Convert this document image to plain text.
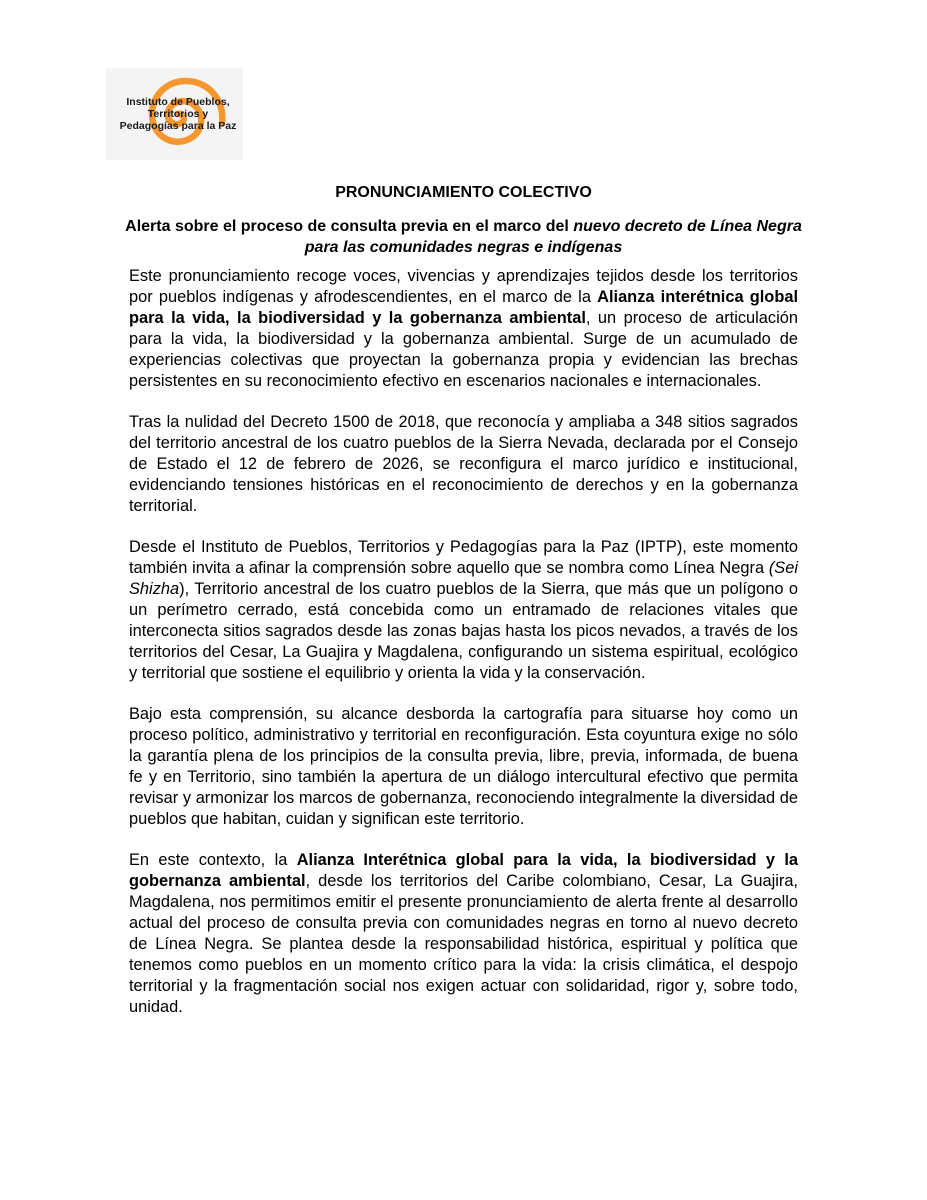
Instituto de Pueblos,
Territorios y
Pedagogías para la Paz
PRONUNCIAMIENTO COLECTIVO
Alerta sobre el proceso de consulta previa en el marco del nuevo decreto de Línea Negra para las comunidades negras e indígenas

Este pronunciamiento recoge voces, vivencias y aprendizajes tejidos desde los territorios por pueblos indígenas y afrodescendientes, en el marco de la Alianza interétnica global para la vida, la biodiversidad y la gobernanza ambiental, un proceso de articulación para la vida, la biodiversidad y la gobernanza ambiental. Surge de un acumulado de experiencias colectivas que proyectan la gobernanza propia y evidencian las brechas persistentes en su reconocimiento efectivo en escenarios nacionales e internacionales.

Tras la nulidad del Decreto 1500 de 2018, que reconocía y ampliaba a 348 sitios sagrados del territorio ancestral de los cuatro pueblos de la Sierra Nevada, declarada por el Consejo de Estado el 12 de febrero de 2026, se reconfigura el marco jurídico e institucional, evidenciando tensiones históricas en el reconocimiento de derechos y en la gobernanza territorial.

Desde el Instituto de Pueblos, Territorios y Pedagogías para la Paz (IPTP), este momento también invita a afinar la comprensión sobre aquello que se nombra como Línea Negra (Sei Shizha), Territorio ancestral de los cuatro pueblos de la Sierra, que más que un polígono o un perímetro cerrado, está concebida como un entramado de relaciones vitales que interconecta sitios sagrados desde las zonas bajas hasta los picos nevados, a través de los territorios del Cesar, La Guajira y Magdalena, configurando un sistema espiritual, ecológico y territorial que sostiene el equilibrio y orienta la vida y la conservación.

Bajo esta comprensión, su alcance desborda la cartografía para situarse hoy como un proceso político, administrativo y territorial en reconfiguración. Esta coyuntura exige no sólo la garantía plena de los principios de la consulta previa, libre, previa, informada, de buena fe y en Territorio, sino también la apertura de un diálogo intercultural efectivo que permita revisar y armonizar los marcos de gobernanza, reconociendo integralmente la diversidad de pueblos que habitan, cuidan y significan este territorio.

En este contexto, la Alianza Interétnica global para la vida, la biodiversidad y la gobernanza ambiental, desde los territorios del Caribe colombiano, Cesar, La Guajira, Magdalena, nos permitimos emitir el presente pronunciamiento de alerta frente al desarrollo actual del proceso de consulta previa con comunidades negras en torno al nuevo decreto de Línea Negra. Se plantea desde la responsabilidad histórica, espiritual y política que tenemos como pueblos en un momento crítico para la vida: la crisis climática, el despojo territorial y la fragmentación social nos exigen actuar con solidaridad, rigor y, sobre todo, unidad.
